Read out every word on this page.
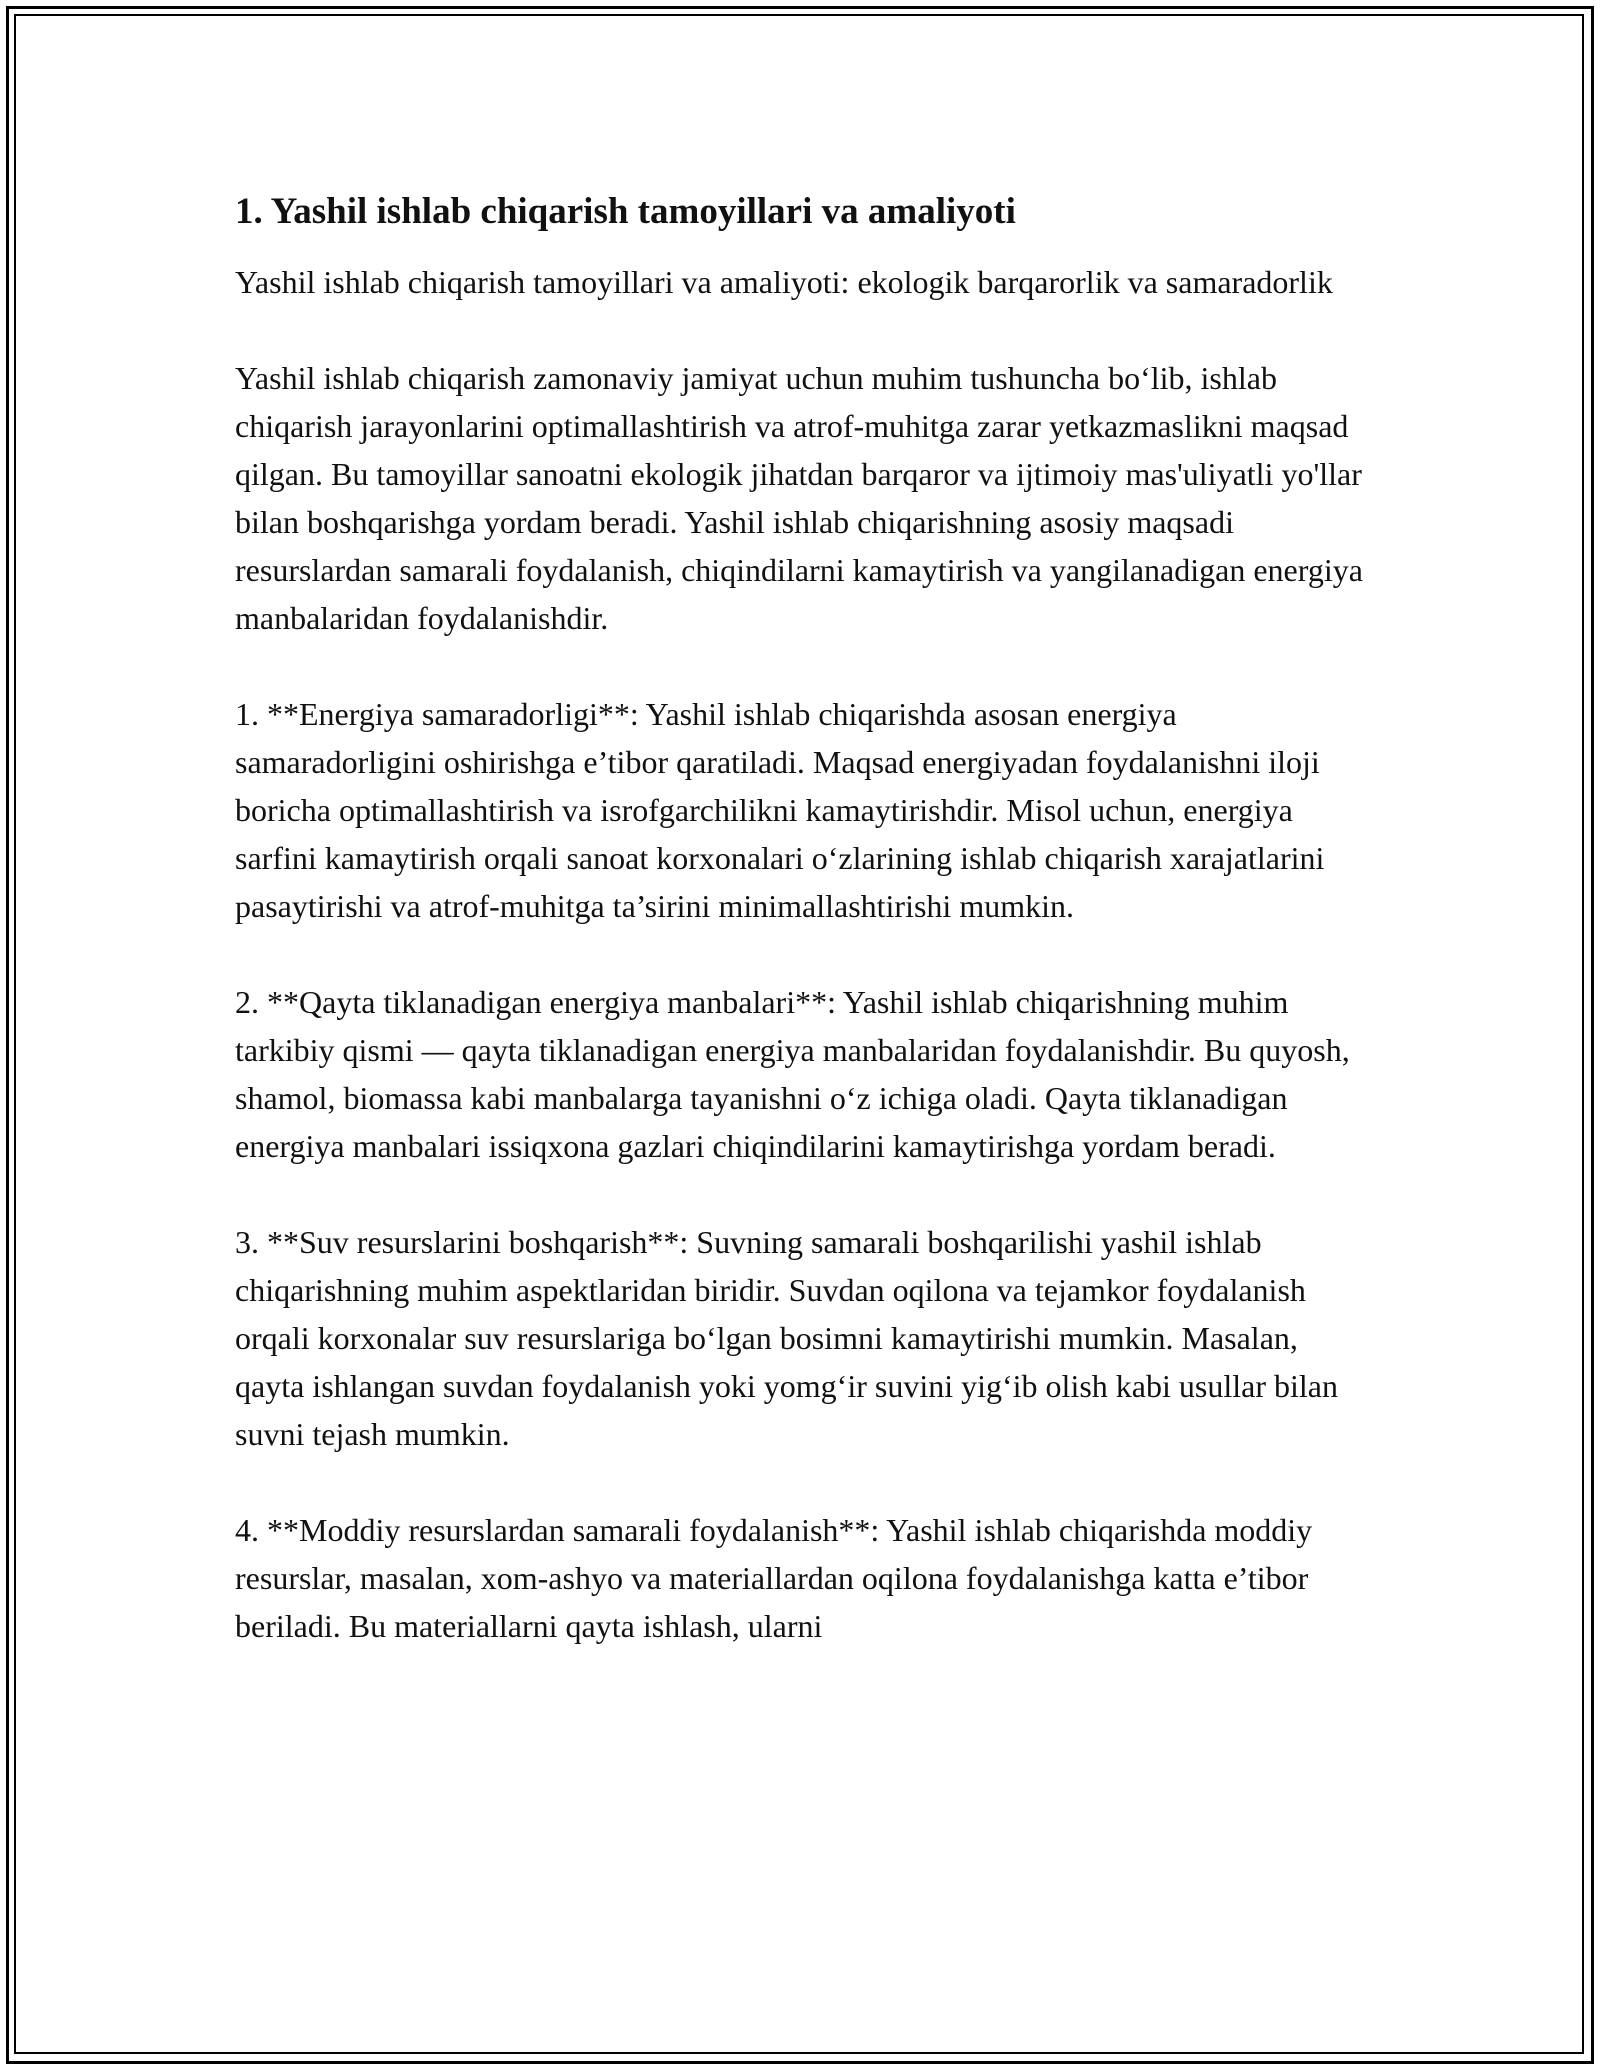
1. Yashil ishlab chiqarish tamoyillari va amaliyoti

Yashil ishlab chiqarish tamoyillari va amaliyoti: ekologik barqarorlik va samaradorlik

Yashil ishlab chiqarish zamonaviy jamiyat uchun muhim tushuncha bo‘lib, ishlab chiqarish jarayonlarini optimallashtirish va atrof-muhitga zarar yetkazmaslikni maqsad qilgan. Bu tamoyillar sanoatni ekologik jihatdan barqaror va ijtimoiy mas'uliyatli yo'llar bilan boshqarishga yordam beradi. Yashil ishlab chiqarishning asosiy maqsadi resurslardan samarali foydalanish, chiqindilarni kamaytirish va yangilanadigan energiya manbalaridan foydalanishdir.

1. **Energiya samaradorligi**: Yashil ishlab chiqarishda asosan energiya samaradorligini oshirishga e’tibor qaratiladi. Maqsad energiyadan foydalanishni iloji boricha optimallashtirish va isrofgarchilikni kamaytirishdir. Misol uchun, energiya sarfini kamaytirish orqali sanoat korxonalari o‘zlarining ishlab chiqarish xarajatlarini pasaytirishi va atrof-muhitga ta’sirini minimallashtirishi mumkin.

2. **Qayta tiklanadigan energiya manbalari**: Yashil ishlab chiqarishning muhim tarkibiy qismi — qayta tiklanadigan energiya manbalaridan foydalanishdir. Bu quyosh, shamol, biomassa kabi manbalarga tayanishni o‘z ichiga oladi. Qayta tiklanadigan energiya manbalari issiqxona gazlari chiqindilarini kamaytirishga yordam beradi.

3. **Suv resurslarini boshqarish**: Suvning samarali boshqarilishi yashil ishlab chiqarishning muhim aspektlaridan biridir. Suvdan oqilona va tejamkor foydalanish orqali korxonalar suv resurslariga bo‘lgan bosimni kamaytirishi mumkin. Masalan, qayta ishlangan suvdan foydalanish yoki yomg‘ir suvini yig‘ib olish kabi usullar bilan suvni tejash mumkin.

4. **Moddiy resurslardan samarali foydalanish**: Yashil ishlab chiqarishda moddiy resurslar, masalan, xom-ashyo va materiallardan oqilona foydalanishga katta e’tibor beriladi. Bu materiallarni qayta ishlash, ularni
